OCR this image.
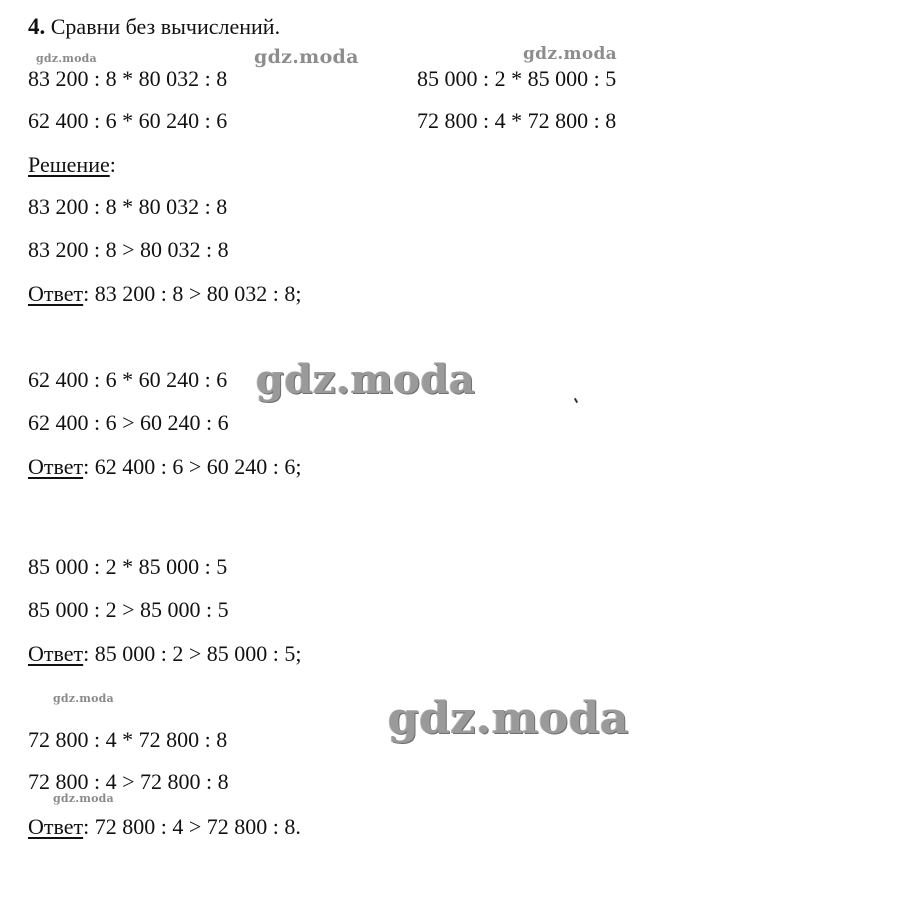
4. Сравни без вычислений.
83 200 : 8 * 80 032 : 8	85 000 : 2 * 85 000 : 5
62 400 : 6 * 60 240 : 6	72 800 : 4 * 72 800 : 8
Решение:
83 200 : 8 * 80 032 : 8
83 200 : 8 > 80 032 : 8
Ответ: 83 200 : 8 > 80 032 : 8;
62 400 : 6 * 60 240 : 6
62 400 : 6 > 60 240 : 6
Ответ: 62 400 : 6 > 60 240 : 6;
85 000 : 2 * 85 000 : 5
85 000 : 2 > 85 000 : 5
Ответ: 85 000 : 2 > 85 000 : 5;
72 800 : 4 * 72 800 : 8
72 800 : 4 > 72 800 : 8
Ответ: 72 800 : 4 > 72 800 : 8.
gdz.moda	gdz.moda	gdz.moda
gdz.moda
gdz.moda	gdz.moda
gdz.moda
